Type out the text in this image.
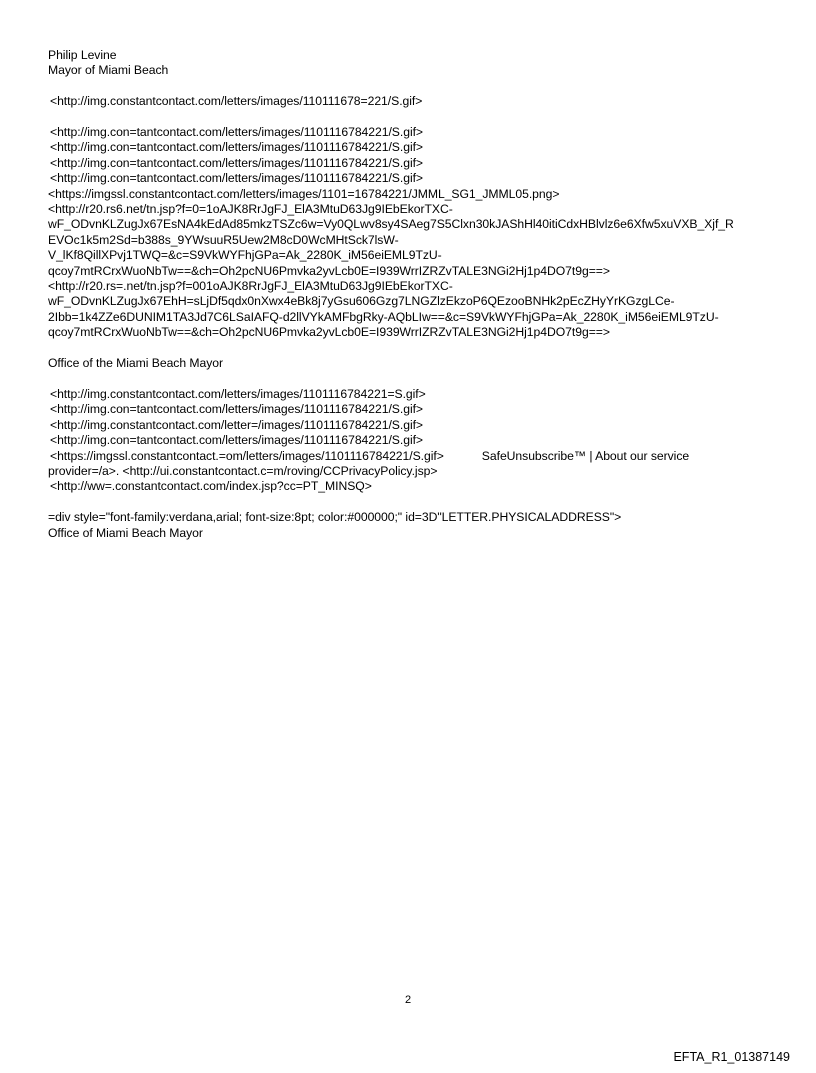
Philip Levine
Mayor of Miami Beach
<http://img.constantcontact.com/letters/images/110111678=221/S.gif>
<http://img.con=tantcontact.com/letters/images/1101116784221/S.gif>
<http://img.con=tantcontact.com/letters/images/1101116784221/S.gif>
<http://img.con=tantcontact.com/letters/images/1101116784221/S.gif>
<http://img.con=tantcontact.com/letters/images/1101116784221/S.gif>
<https://imgssl.constantcontact.com/letters/images/1101=16784221/JMML_SG1_JMML05.png>
<http://r20.rs6.net/tn.jsp?f=0=1oAJK8RrJgFJ_ElA3MtuD63Jg9IEbEkorTXC-
wF_ODvnKLZugJx67EsNA4kEdAd85mkzTSZc6w=Vy0QLwv8sy4SAeg7S5Clxn30kJAShHl40itiCdxHBlvlz6e6Xfw5xuVXB_Xjf_R
EVOc1k5m2Sd=b388s_9YWsuuR5Uew2M8cD0WcMHtSck7lsW-
V_lKf8QillXPvj1TWQ=&c=S9VkWYFhjGPa=Ak_2280K_iM56eiEML9TzU-
qcoy7mtRCrxWuoNbTw==&ch=Oh2pcNU6Pmvka2yvLcb0E=I939WrrIZRZvTALE3NGi2Hj1p4DO7t9g==>
<http://r20.rs=.net/tn.jsp?f=001oAJK8RrJgFJ_ElA3MtuD63Jg9IEbEkorTXC-
wF_ODvnKLZugJx67EhH=sLjDf5qdx0nXwx4eBk8j7yGsu606Gzg7LNGZlzEkzoP6QEzooBNHk2pEcZHyYrKGzgLCe-
2Ibb=1k4ZZe6DUNIM1TA3Jd7C6LSaIAFQ-d2llVYkAMFbgRky-AQbLIw==&c=S9VkWYFhjGPa=Ak_2280K_iM56eiEML9TzU-
qcoy7mtRCrxWuoNbTw==&ch=Oh2pcNU6Pmvka2yvLcb0E=I939WrrIZRZvTALE3NGi2Hj1p4DO7t9g==>
Office of the Miami Beach Mayor
<http://img.constantcontact.com/letters/images/1101116784221=S.gif>
<http://img.con=tantcontact.com/letters/images/1101116784221/S.gif>
<http://img.constantcontact.com/letter=/images/1101116784221/S.gif>
<http://img.con=tantcontact.com/letters/images/1101116784221/S.gif>
<https://imgssl.constantcontact.=om/letters/images/1101116784221/S.gif>	SafeUnsubscribe™ | About our service
provider=/a>. <http://ui.constantcontact.c=m/roving/CCPrivacyPolicy.jsp>
<http://ww=.constantcontact.com/index.jsp?cc=PT_MINSQ>
=div style="font-family:verdana,arial; font-size:8pt; color:#000000;" id=3D"LETTER.PHYSICALADDRESS">
Office of Miami Beach Mayor
2
EFTA_R1_01387149
